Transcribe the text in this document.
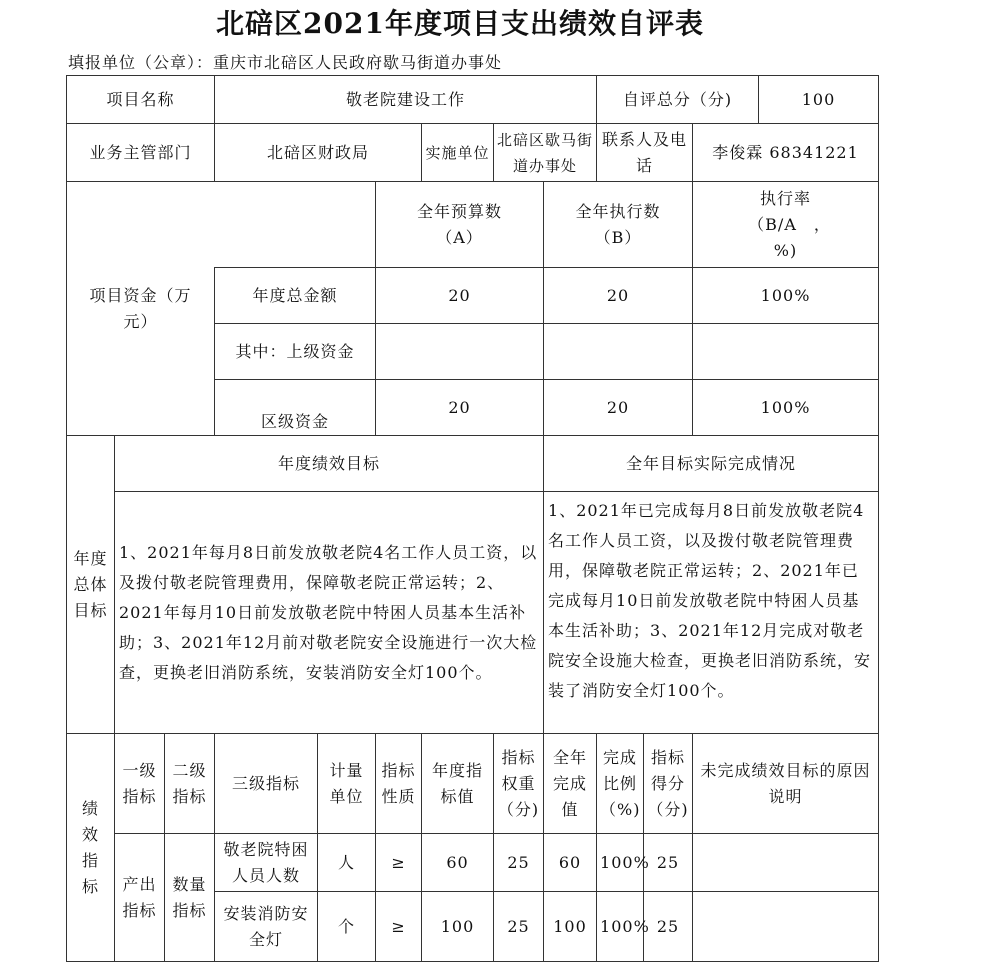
北碚区2021年度项目支出绩效自评表
填报单位（公章）：重庆市北碚区人民政府歇马街道办事处
项目名称			敬老院建设工作						自评总分（分)			100
业务主管部门			北碚区财政局			实施单位	北碚区歇马街道办事处		联系人及电话		李俊霖 68341221	
项目资金（万元）					全年预算数（A）			全年执行数（B）			执行率（B/A　，　%)	
			年度总金额		20			20			100%	
			其中：上级资金									
			区级资金		20			20			100%	
年度总体目标	年度绩效目标							全年目标实际完成情况				
	1、2021年每月8日前发放敬老院4名工作人员工资，以及拨付敬老院管理费用，保障敬老院正常运转；2、2021年每月10日前发放敬老院中特困人员基本生活补助；3、2021年12月前对敬老院安全设施进行一次大检查，更换老旧消防系统，安装消防安全灯100个。							1、2021年已完成每月8日前发放敬老院4名工作人员工资，以及拨付敬老院管理费用，保障敬老院正常运转；2、2021年已完成每月10日前发放敬老院中特困人员基本生活补助；3、2021年12月完成对敬老院安全设施大检查，更换老旧消防系统，安装了消防安全灯100个。				
绩效指标	一级指标	二级指标	三级指标	计量单位	指标性质	年度指标值	指标权重（分)	全年完成值	完成比例（%)	指标得分（分)	未完成绩效目标的原因说明	
	产出指标	数量指标	敬老院特困人员人数	人	≥	60	25	60	100%	25		
			安装消防安全灯	个	≥	100	25	100	100%	25		
